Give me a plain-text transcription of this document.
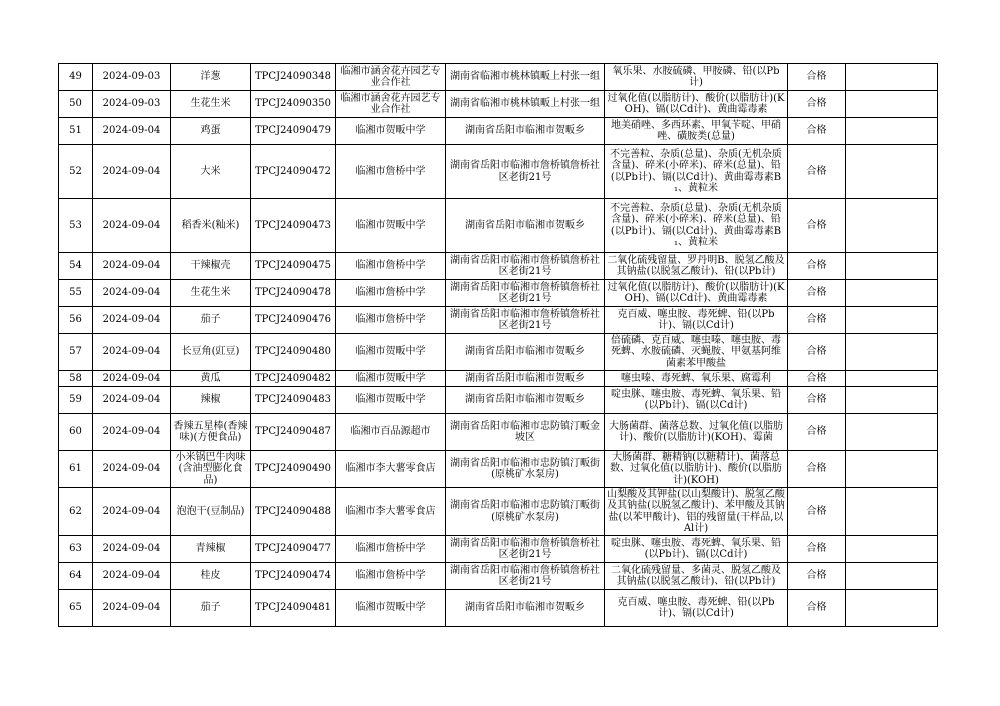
49	2024-09-03	洋葱	TPCJ24090348	临湘市涵舍花卉园艺专业合作社	湖南省临湘市桃林镇畈上村张一组	氧乐果、水胺硫磷、甲胺磷、铅(以Pb计)	合格	
50	2024-09-03	生花生米	TPCJ24090350	临湘市涵舍花卉园艺专业合作社	湖南省临湘市桃林镇畈上村张一组	过氧化值(以脂肪计)、酸价(以脂肪计)(KOH)、镉(以Cd计)、黄曲霉毒素	合格	
51	2024-09-04	鸡蛋	TPCJ24090479	临湘市贺畈中学	湖南省岳阳市临湘市贺畈乡	地美硝唑、多西环素、甲氧苄啶、甲硝唑、磺胺类(总量)	合格	
52	2024-09-04	大米	TPCJ24090472	临湘市詹桥中学	湖南省岳阳市临湘市詹桥镇詹桥社区老街21号	不完善粒、杂质(总量)、杂质(无机杂质含量)、碎米(小碎米)、碎米(总量)、铅(以Pb计)、镉(以Cd计)、黄曲霉毒素B₁、黄粒米	合格	
53	2024-09-04	稻香米(籼米)	TPCJ24090473	临湘市贺畈中学	湖南省岳阳市临湘市贺畈乡	不完善粒、杂质(总量)、杂质(无机杂质含量)、碎米(小碎米)、碎米(总量)、铅(以Pb计)、镉(以Cd计)、黄曲霉毒素B₁、黄粒米	合格	
54	2024-09-04	干辣椒壳	TPCJ24090475	临湘市詹桥中学	湖南省岳阳市临湘市詹桥镇詹桥社区老街21号	二氧化硫残留量、罗丹明B、脱氢乙酸及其钠盐(以脱氢乙酸计)、铅(以Pb计)	合格	
55	2024-09-04	生花生米	TPCJ24090478	临湘市詹桥中学	湖南省岳阳市临湘市詹桥镇詹桥社区老街21号	过氧化值(以脂肪计)、酸价(以脂肪计)(KOH)、镉(以Cd计)、黄曲霉毒素	合格	
56	2024-09-04	茄子	TPCJ24090476	临湘市詹桥中学	湖南省岳阳市临湘市詹桥镇詹桥社区老街21号	克百威、噻虫胺、毒死蜱、铅(以Pb计)、镉(以Cd计)	合格	
57	2024-09-04	长豆角(豇豆)	TPCJ24090480	临湘市贺畈中学	湖南省岳阳市临湘市贺畈乡	倍硫磷、克百威、噻虫嗪、噻虫胺、毒死蜱、水胺硫磷、灭蝇胺、甲氨基阿维菌素苯甲酸盐	合格	
58	2024-09-04	黄瓜	TPCJ24090482	临湘市贺畈中学	湖南省岳阳市临湘市贺畈乡	噻虫嗪、毒死蜱、氧乐果、腐霉利	合格	
59	2024-09-04	辣椒	TPCJ24090483	临湘市贺畈中学	湖南省岳阳市临湘市贺畈乡	啶虫脒、噻虫胺、毒死蜱、氧乐果、铅(以Pb计)、镉(以Cd计)	合格	
60	2024-09-04	香辣五星棒(香辣味)(方便食品)	TPCJ24090487	临湘市百品源超市	湖南省岳阳市临湘市忠防镇汀畈金坡区	大肠菌群、菌落总数、过氧化值(以脂肪计)、酸价(以脂肪计)(KOH)、霉菌	合格	
61	2024-09-04	小米锅巴牛肉味(含油型膨化食品)	TPCJ24090490	临湘市李大薯零食店	湖南省岳阳市临湘市忠防镇汀畈街(原桃矿水泵房)	大肠菌群、糖精钠(以糖精计)、菌落总数、过氧化值(以脂肪计)、酸价(以脂肪计)(KOH)	合格	
62	2024-09-04	泡泡干(豆制品)	TPCJ24090488	临湘市李大薯零食店	湖南省岳阳市临湘市忠防镇汀畈街(原桃矿水泵房)	山梨酸及其钾盐(以山梨酸计)、脱氢乙酸及其钠盐(以脱氢乙酸计)、苯甲酸及其钠盐(以苯甲酸计)、铝的残留量(干样品,以Al计)	合格	
63	2024-09-04	青辣椒	TPCJ24090477	临湘市詹桥中学	湖南省岳阳市临湘市詹桥镇詹桥社区老街21号	啶虫脒、噻虫胺、毒死蜱、氧乐果、铅(以Pb计)、镉(以Cd计)	合格	
64	2024-09-04	桂皮	TPCJ24090474	临湘市詹桥中学	湖南省岳阳市临湘市詹桥镇詹桥社区老街21号	二氧化硫残留量、多菌灵、脱氢乙酸及其钠盐(以脱氢乙酸计)、铅(以Pb计)	合格	
65	2024-09-04	茄子	TPCJ24090481	临湘市贺畈中学	湖南省岳阳市临湘市贺畈乡	克百威、噻虫胺、毒死蜱、铅(以Pb计)、镉(以Cd计)	合格	
